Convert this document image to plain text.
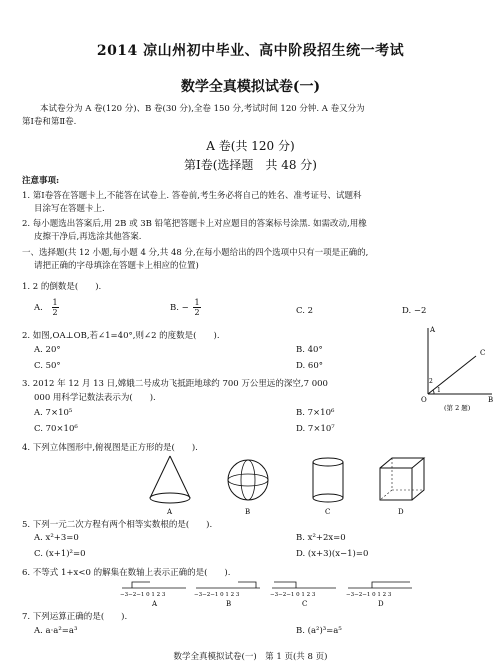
2014 凉山州初中毕业、高中阶段招生统一考试
数学全真模拟试卷(一)
本试卷分为 A 卷(120 分)、B 卷(30 分),全卷 150 分,考试时间 120 分钟. A 卷又分为
第Ⅰ卷和第Ⅱ卷.
A 卷(共 120 分)
第Ⅰ卷(选择题　共 48 分)
注意事项:
1. 第Ⅰ卷答在答题卡上,不能答在试卷上. 答卷前,考生务必将自己的姓名、准考证号、试题科
目涂写在答题卡上.
2. 每小题选出答案后,用 2B 或 3B 铅笔把答题卡上对应题目的答案标号涂黑. 如需改动,用橡
皮擦干净后,再选涂其他答案.
一、选择题(共 12 小题,每小题 4 分,共 48 分,在每小题给出的四个选项中只有一项是正确的,
请把正确的字母填涂在答题卡上相应的位置)
1. 2 的倒数是(　　).
A. $\frac{1}{2}$	B. − $\frac{1}{2}$	C. 2	D. −2
2. 如图,OA⊥OB,若∠1=40°,则∠2 的度数是(　　).
A. 20°	B. 40°
C. 50°	D. 60°
A
C
O	B
1
2
(第 2 题)
3. 2012 年 12 月 13 日,嫦娥二号成功飞抵距地球约 700 万公里远的深空,7 000
000 用科学记数法表示为(　　).
A. 7×10⁵	B. 7×10⁶
C. 70×10⁶	D. 7×10⁷
4. 下列立体图形中,俯视图是正方形的是(　　).
A	B	C	D
5. 下列一元二次方程有两个相等实数根的是(　　).
A. x²+3=0	B. x²+2x=0
C. (x+1)²=0	D. (x+3)(x−1)=0
6. 不等式 1+x<0 的解集在数轴上表示正确的是(　　).
−3−2−1 0 1 2 3
A
−3−2−1 0 1 2 3
B
−3−2−1 0 1 2 3
C
−3−2−1 0 1 2 3
D
7. 下列运算正确的是(　　).
A. a·a²=a³	B. (a²)³=a⁵
数学全真模拟试卷(一)　第 1 页(共 8 页)
